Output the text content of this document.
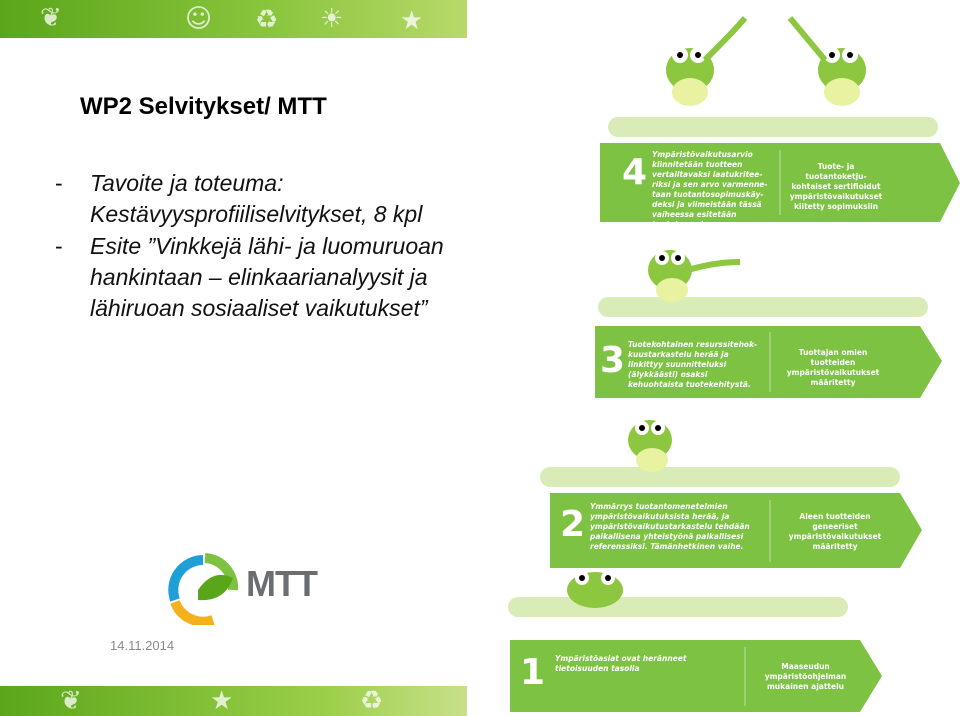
☺	★
♻
❦	☀
WP2 Selvitykset/ MTT
- Tavoite ja toteuma: Kestävyysprofiiliselvitykset, 8 kpl
- Esite ”Vinkkejä lähi- ja luomuruoan hankintaan – elinkaarianalyysit ja lähiruoan sosiaaliset vaikutukset”
MTT
14.11.2014
❦	★	♻
4 Ympäristövaikutusarvio kiinnitetään tuotteen vertailtavaksi laatukritee-riksi ja sen arvo varmenne-taan tuotantosopimuskäy-deksi ja viimeistään tässä vaiheessa esitetään tuotekuvauksessa.
Tuote- ja tuotantoketju-kohtaiset sertifioidut ympäristövaikutukset kiitetty sopimuksiin
3 Tuotekohtainen resurssitehok-kuustarkastelu herää ja linkittyy suunnitteluksi (älykkäästi) osaksi kehuohtaista tuotekehitystä.
Tuottajan omien tuotteiden ympäristövaikutukset määritetty
2 Ymmärrys tuotantomenetelmien ympäristövaikutuksista herää, ja ympäristövaikutustarkastelu tehdään paikallisena yhteistyönä paikallisesi referenssiksi. Tämänhetkinen vaihe.
Aleen tuotteiden geneeriset ympäristövaikutukset määritetty
1 Ympäristöasiat ovat heränneet tietoisuuden tasolla	Maaseudun ympäristöohjelman mukainen ajattelu
